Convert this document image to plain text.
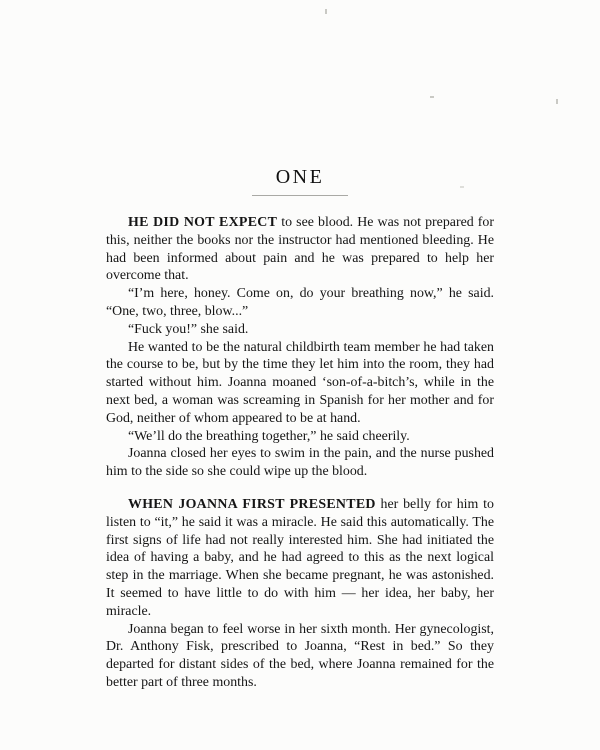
ONE

HE DID NOT EXPECT to see blood. He was not prepared for this, neither the books nor the instructor had mentioned bleeding. He had been informed about pain and he was prepared to help her overcome that.

“I’m here, honey. Come on, do your breathing now,” he said. “One, two, three, blow...”

“Fuck you!” she said.

He wanted to be the natural childbirth team member he had taken the course to be, but by the time they let him into the room, they had started without him. Joanna moaned ‘son-of-a-bitch’s, while in the next bed, a woman was screaming in Spanish for her mother and for God, neither of whom appeared to be at hand.

“We’ll do the breathing together,” he said cheerily.

Joanna closed her eyes to swim in the pain, and the nurse pushed him to the side so she could wipe up the blood.

WHEN JOANNA FIRST PRESENTED her belly for him to listen to “it,” he said it was a miracle. He said this automatically. The first signs of life had not really interested him. She had initiated the idea of having a baby, and he had agreed to this as the next logical step in the marriage. When she became pregnant, he was astonished. It seemed to have little to do with him — her idea, her baby, her miracle.

Joanna began to feel worse in her sixth month. Her gynecologist, Dr. Anthony Fisk, prescribed to Joanna, “Rest in bed.” So they departed for distant sides of the bed, where Joanna remained for the better part of three months.
